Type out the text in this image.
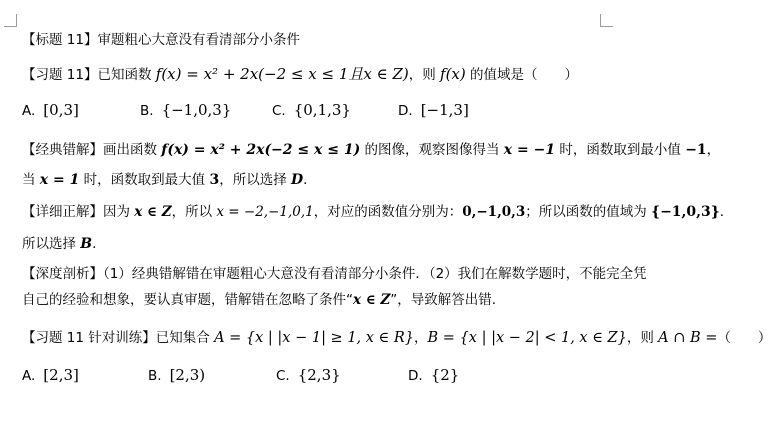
【标题 11】审题粗心大意没有看清部分小条件
【习题 11】已知函数 f(x) = x² + 2x(−2 ≤ x ≤ 1且x ∈ Z)，则 f(x) 的值域是（　　）
A. [0,3]	B. {−1,0,3}	C. {0,1,3}	D. [−1,3]
【经典错解】画出函数 f(x) = x² + 2x(−2 ≤ x ≤ 1) 的图像，观察图像得当 x = −1 时，函数取到最小值 −1，
当 x = 1 时，函数取到最大值 3，所以选择 D.
【详细正解】因为 x ∈ Z，所以 x = −2,−1,0,1，对应的函数值分别为：0,−1,0,3；所以函数的值域为 {−1,0,3}.
所以选择 B.
【深度剖析】（1）经典错解错在审题粗心大意没有看清部分小条件．（2）我们在解数学题时，不能完全凭
自己的经验和想象，要认真审题，错解错在忽略了条件“x ∈ Z”，导致解答出错.
【习题 11 针对训练】已知集合 A = {x | |x − 1| ≥ 1, x ∈ R}，B = {x | |x − 2| < 1, x ∈ Z}，则 A ∩ B =（　　）
A. [2,3]	B. [2,3)	C. {2,3}	D. {2}
